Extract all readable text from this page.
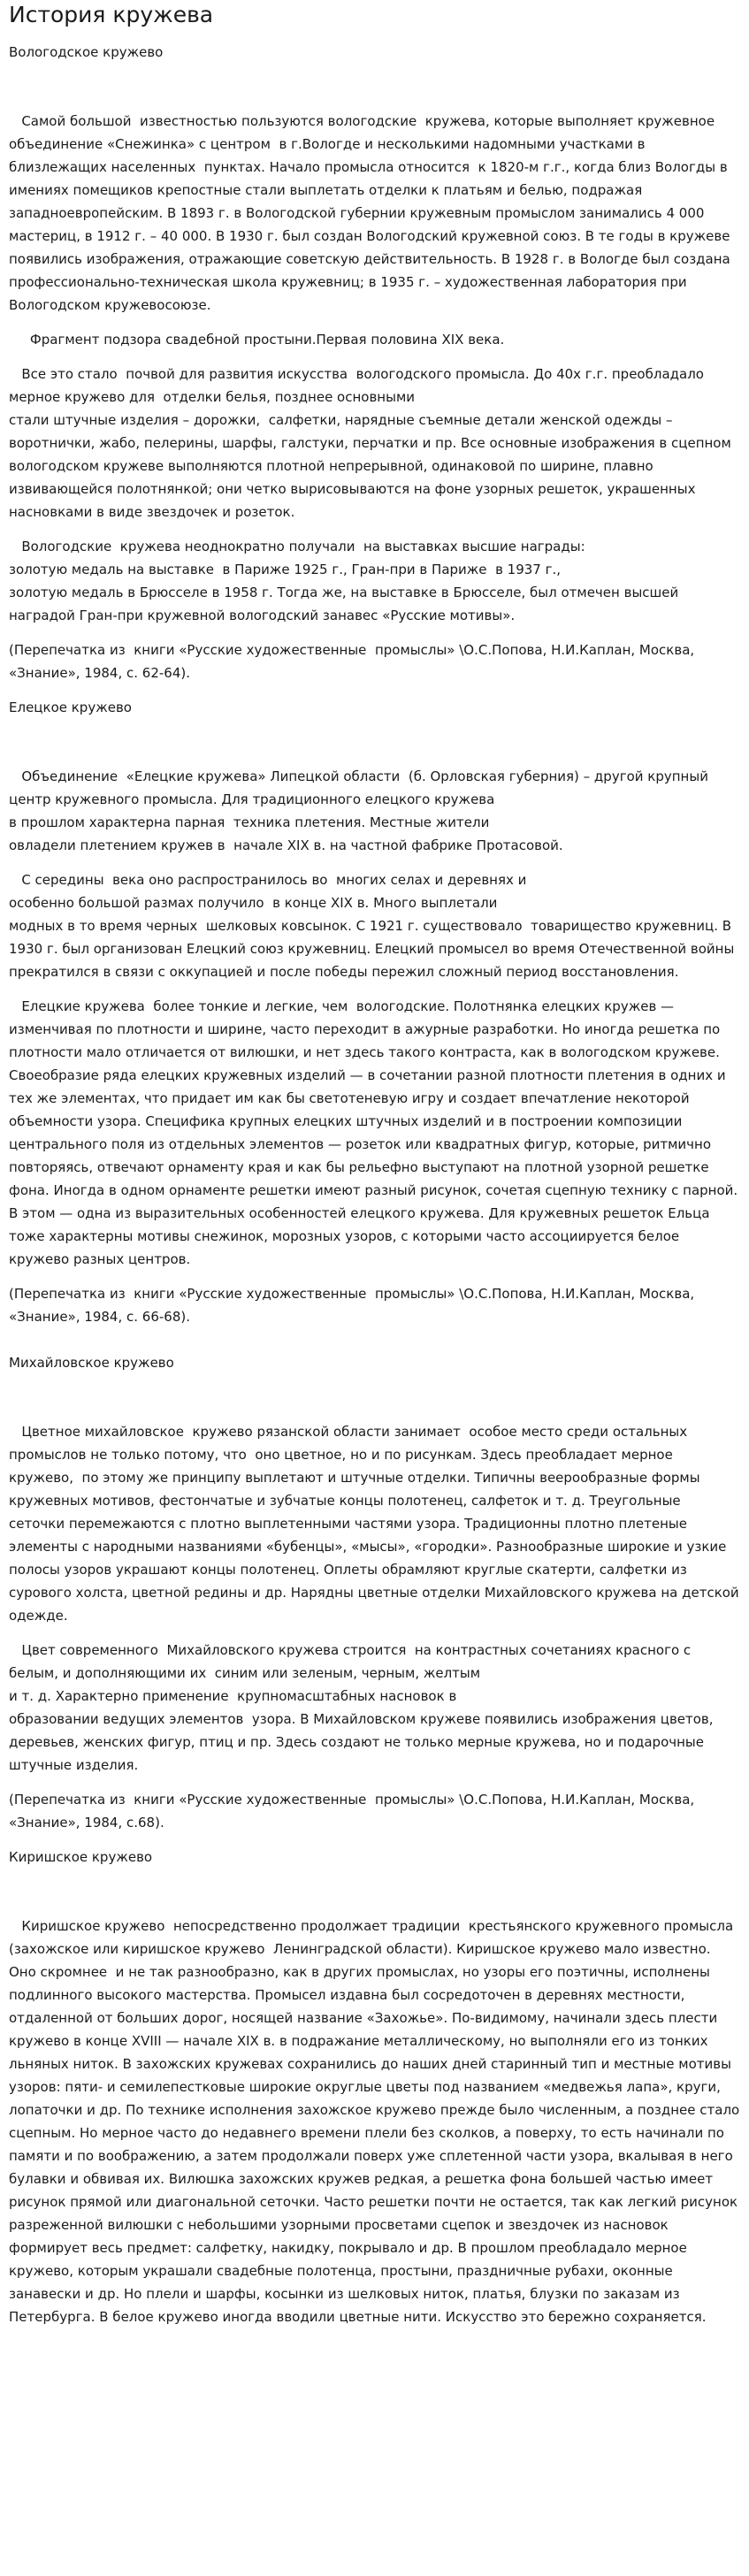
История кружева

Вологодское кружево

Самой большой  известностью пользуются вологодские  кружева, которые выполняет кружевное  объединение «Снежинка» с центром  в г.Вологде и несколькими надомными участками в близлежащих населенных  пунктах. Начало промысла относится  к 1820-м г.г., когда близ Вологды в имениях помещиков крепостные стали выплетать отделки к платьям и белью, подражая западноевропейским. В 1893 г. в Вологодской губернии кружевным промыслом занимались 4 000 мастериц, в 1912 г. – 40 000. В 1930 г. был создан Вологодский кружевной союз. В те годы в кружеве появились изображения, отражающие советскую действительность. В 1928 г. в Вологде был создана профессионально-техническая школа кружевниц; в 1935 г. – художественная лаборатория при Вологодском кружевосоюзе.

Фрагмент подзора свадебной простыни.Первая половина XIX века.

Все это стало  почвой для развития искусства  вологодского промысла. До 40х г.г. преобладало мерное кружево для  отделки белья, позднее основными
стали штучные изделия – дорожки,  салфетки, нарядные съемные детали женской одежды – воротнички, жабо, пелерины, шарфы, галстуки, перчатки и пр. Все основные изображения в сцепном вологодском кружеве выполняются плотной непрерывной, одинаковой по ширине, плавно извивающейся полотнянкой; они четко вырисовываются на фоне узорных решеток, украшенных насновками в виде звездочек и розеток.

Вологодские  кружева неоднократно получали  на выставках высшие награды:
золотую медаль на выставке  в Париже 1925 г., Гран-при в Париже  в 1937 г.,
золотую медаль в Брюсселе в 1958 г. Тогда же, на выставке в Брюсселе, был отмечен высшей наградой Гран-при кружевной вологодский занавес «Русские мотивы».

(Перепечатка из  книги «Русские художественные  промыслы» \О.С.Попова, Н.И.Каплан, Москва, «Знание», 1984, с. 62-64).

Елецкое кружево

Объединение  «Елецкие кружева» Липецкой области  (б. Орловская губерния) – другой крупный центр кружевного промысла. Для традиционного елецкого кружева
в прошлом характерна парная  техника плетения. Местные жители
овладели плетением кружев в  начале XIX в. на частной фабрике Протасовой.

С середины  века оно распространилось во  многих селах и деревнях и
особенно большой размах получило  в конце XIX в. Много выплетали
модных в то время черных  шелковых ковсынок. С 1921 г. существовало  товарищество кружевниц. В 1930 г. был организован Елецкий союз кружевниц. Елецкий промысел во время Отечественной войны прекратился в связи с оккупацией и после победы пережил сложный период восстановления.

Елецкие кружева  более тонкие и легкие, чем  вологодские. Полотнянка елецких кружев — изменчивая по плотности и ширине, часто переходит в ажурные разработки. Но иногда решетка по плотности мало отличается от вилюшки, и нет здесь такого контраста, как в вологодском кружеве. Своеобразие ряда елецких кружевных изделий — в сочетании разной плотности плетения в одних и тех же элементах, что придает им как бы светотеневую игру и создает впечатление некоторой объемности узора. Специфика крупных елецких штучных изделий и в построении композиции центрального поля из отдельных элементов — розеток или квадратных фигур, которые, ритмично повторяясь, отвечают орнаменту края и как бы рельефно выступают на плотной узорной решетке фона. Иногда в одном орнаменте решетки имеют разный рисунок, сочетая сцепную технику с парной. В этом — одна из выразительных особенностей елецкого кружева. Для кружевных решеток Ельца тоже характерны мотивы снежинок, морозных узоров, с которыми часто ассоциируется белое кружево разных центров.

(Перепечатка из  книги «Русские художественные  промыслы» \О.С.Попова, Н.И.Каплан, Москва, «Знание», 1984, с. 66-68).

Михайловское кружево

Цветное михайловское  кружево рязанской области занимает  особое место среди остальных промыслов не только потому, что  оно цветное, но и по рисункам. Здесь преобладает мерное кружево,  по этому же принципу выплетают и штучные отделки. Типичны веерообразные формы кружевных мотивов, фестончатые и зубчатые концы полотенец, салфеток и т. д. Треугольные сеточки перемежаются с плотно выплетенными частями узора. Традиционны плотно плетеные элементы с народными названиями «бубенцы», «мысы», «городки». Разнообразные широкие и узкие полосы узоров украшают концы полотенец. Оплеты обрамляют круглые скатерти, салфетки из сурового холста, цветной редины и др. Нарядны цветные отделки Михайловского кружева на детской одежде.

Цвет современного  Михайловского кружева строится  на контрастных сочетаниях красного с белым, и дополняющими их  синим или зеленым, черным, желтым
и т. д. Характерно применение  крупномасштабных насновок в
образовании ведущих элементов  узора. В Михайловском кружеве появились изображения цветов, деревьев, женских фигур, птиц и пр. Здесь создают не только мерные кружева, но и подарочные штучные изделия.

(Перепечатка из  книги «Русские художественные  промыслы» \О.С.Попова, Н.И.Каплан, Москва, «Знание», 1984, с.68).

Киришское кружево

Киришское кружево  непосредственно продолжает традиции  крестьянского кружевного промысла (захожское или киришское кружево  Ленинградской области). Киришское кружево мало известно. Оно скромнее  и не так разнообразно, как в других промыслах, но узоры его поэтичны, исполнены подлинного высокого мастерства. Промысел издавна был сосредоточен в деревнях местности, отдаленной от больших дорог, носящей название «Захожье». По-видимому, начинали здесь плести кружево в конце XVIII — начале XIX в. в подражание металлическому, но выполняли его из тонких льняных ниток. В захожских кружевах сохранились до наших дней старинный тип и местные мотивы узоров: пяти- и семилепестковые широкие округлые цветы под названием «медвежья лапа», круги, лопаточки и др. По технике исполнения захожское кружево прежде было численным, а позднее стало сцепным. Но мерное часто до недавнего времени плели без сколков, а поверху, то есть начинали по памяти и по воображению, а затем продолжали поверх уже сплетенной части узора, вкалывая в него булавки и обвивая их. Вилюшка захожских кружев редкая, а решетка фона большей частью имеет рисунок прямой или диагональной сеточки. Часто решетки почти не остается, так как легкий рисунок разреженной вилюшки с небольшими узорными просветами сцепок и звездочек из насновок формирует весь предмет: салфетку, накидку, покрывало и др. В прошлом преобладало мерное кружево, которым украшали свадебные полотенца, простыни, праздничные рубахи, оконные занавески и др. Но плели и шарфы, косынки из шелковых ниток, платья, блузки по заказам из Петербурга. В белое кружево иногда вводили цветные нити. Искусство это бережно сохраняется.
